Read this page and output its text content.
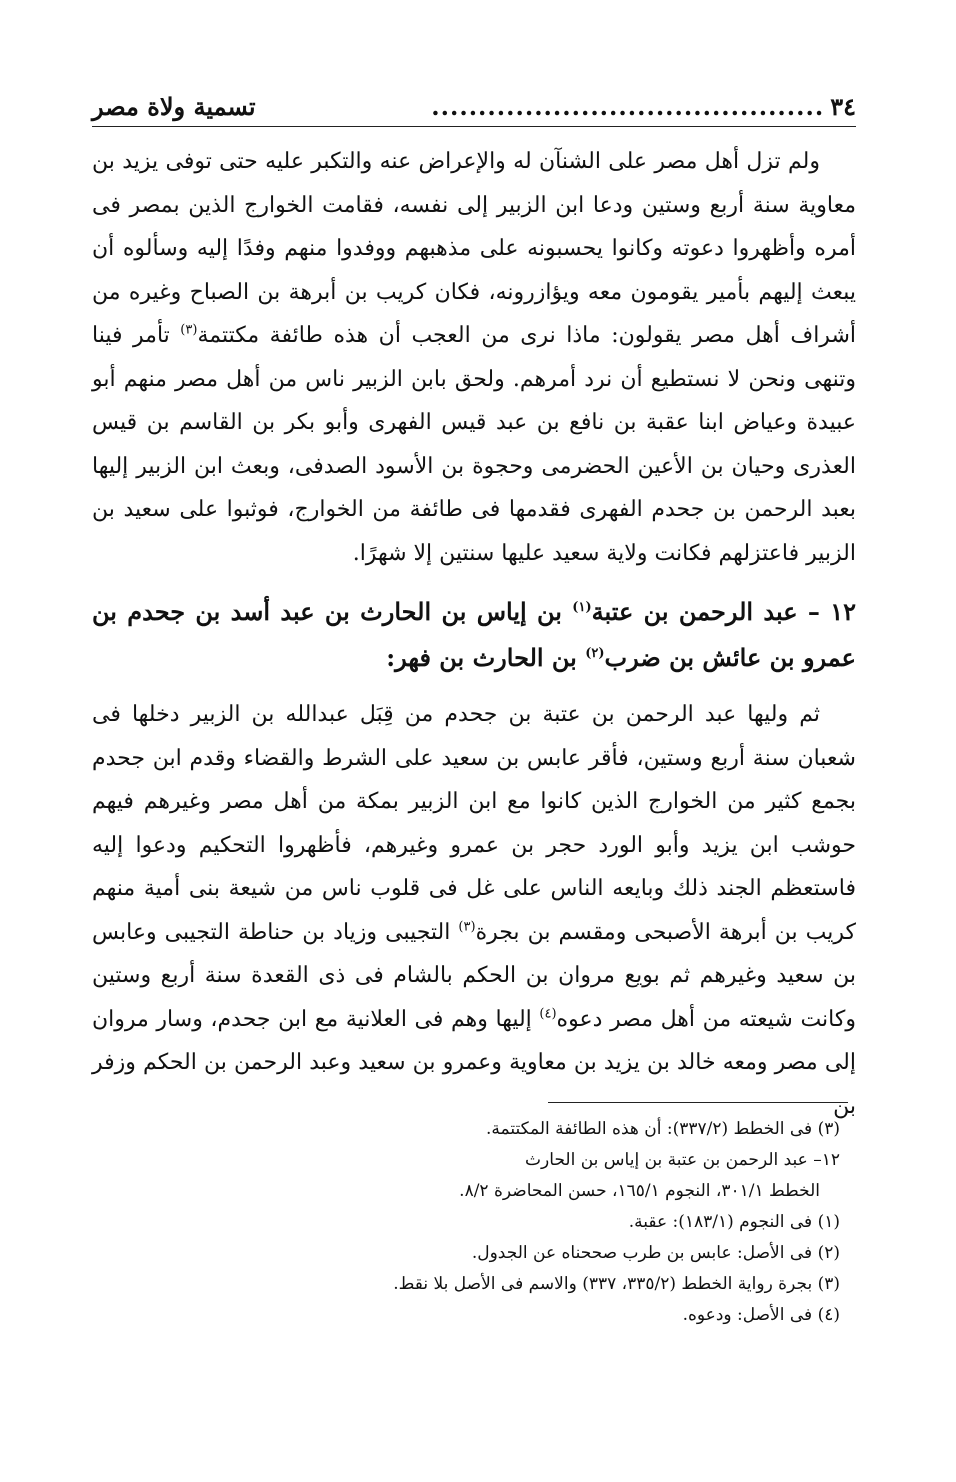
٣٤
..........................................
تسمية ولاة مصر

ولم تزل أهل مصر على الشنآن له والإعراض عنه والتكبر عليه حتى توفى يزيد بن معاوية سنة أربع وستين ودعا ابن الزبير إلى نفسه، فقامت الخوارج الذين بمصر فى أمره وأظهروا دعوته وكانوا يحسبونه على مذهبهم ووفدوا منهم وفدًا إليه وسألوه أن يبعث إليهم بأمير يقومون معه ويؤازرونه، فكان كريب بن أبرهة بن الصباح وغيره من أشراف أهل مصر يقولون: ماذا نرى من العجب أن هذه طائفة مكتتمة$^{(٣)}$ تأمر فينا وتنهى ونحن لا نستطيع أن نرد أمرهم. ولحق بابن الزبير ناس من أهل مصر منهم أبو عبيدة وعياض ابنا عقبة بن نافع بن عبد قيس الفهرى وأبو بكر بن القاسم بن قيس العذرى وحيان بن الأعين الحضرمى وحجوة بن الأسود الصدفى، وبعث ابن الزبير إليها بعبد الرحمن بن جحدم الفهرى فقدمها فى طائفة من الخوارج، فوثبوا على سعيد بن الزبير فاعتزلهم فكانت ولاية سعيد عليها سنتين إلا شهرًا.

١٢ – عبد الرحمن بن عتبة$^{(١)}$ بن إياس بن الحارث بن عبد أسد بن جحدم بن عمرو بن عائش بن ضرب$^{(٢)}$ بن الحارث بن فهر:

ثم وليها عبد الرحمن بن عتبة بن جحدم من قِبَل عبدالله بن الزبير دخلها فى شعبان سنة أربع وستين، فأقر عابس بن سعيد على الشرط والقضاء وقدم ابن جحدم بجمع كثير من الخوارج الذين كانوا مع ابن الزبير بمكة من أهل مصر وغيرهم فيهم حوشب ابن يزيد وأبو الورد حجر بن عمرو وغيرهم، فأظهروا التحكيم ودعوا إليه فاستعظم الجند ذلك وبايعه الناس على غل فى قلوب ناس من شيعة بنى أمية منهم كريب بن أبرهة الأصبحى ومقسم بن بجرة$^{(٣)}$ التجيبى وزياد بن حناطة التجيبى وعابس بن سعيد وغيرهم ثم بويع مروان بن الحكم بالشام فى ذى القعدة سنة أربع وستين وكانت شيعته من أهل مصر دعوه$^{(٤)}$ إليها وهم فى العلانية مع ابن جحدم، وسار مروان إلى مصر ومعه خالد بن يزيد بن معاوية وعمرو بن سعيد وعبد الرحمن بن الحكم وزفر بن

(٣) فى الخطط (٣٣٧/٢): أن هذه الطائفة المكتتمة.

١٢– عبد الرحمن بن عتبة بن إياس بن الحارث

الخطط ٣٠١/١، النجوم ١٦٥/١، حسن المحاضرة ٨/٢.

(١) فى النجوم (١٨٣/١): عقبة.

(٢) فى الأصل: عابس بن طرب صححناه عن الجدول.

(٣) بجرة رواية الخطط (٣٣٥/٢، ٣٣٧) والاسم فى الأصل بلا نقط.

(٤) فى الأصل: ودعوه.
